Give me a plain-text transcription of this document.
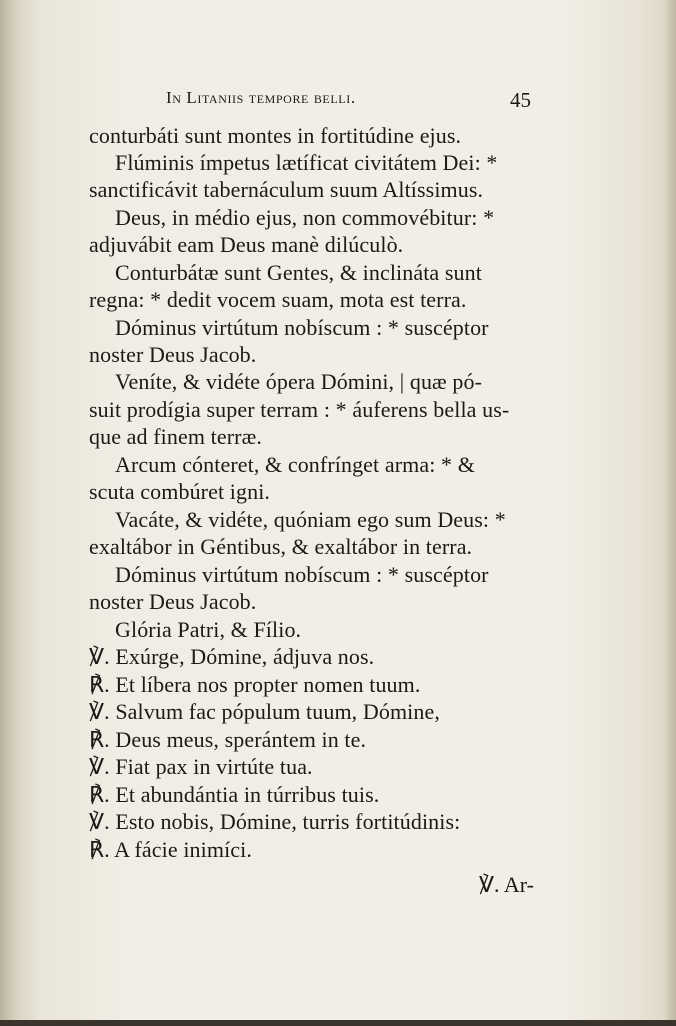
In Litaniis tempore belli.	45
conturbáti sunt montes in fortitúdine ejus.
Flúminis ímpetus lætíficat civitátem Dei: *
sanctificávit tabernáculum suum Altíssimus.
Deus, in médio ejus, non commovébitur: *
adjuvábit eam Deus manè dilúculò.
Conturbátæ sunt Gentes, & inclináta sunt
regna: * dedit vocem suam, mota est terra.
Dóminus virtútum nobíscum : * suscéptor
noster Deus Jacob.
Veníte, & vidéte ópera Dómini, | quæ pó-
suit prodígia super terram : * áuferens bella us-
que ad finem terræ.
Arcum cónteret, & confrínget arma: * &
scuta combúret igni.
Vacáte, & vidéte, quóniam ego sum Deus: *
exaltábor in Géntibus, & exaltábor in terra.
Dóminus virtútum nobíscum : * suscéptor
noster Deus Jacob.
Glória Patri, & Fílio.
℣. Exúrge, Dómine, ádjuva nos.
℟. Et líbera nos propter nomen tuum.
℣. Salvum fac pópulum tuum, Dómine,
℟. Deus meus, sperántem in te.
℣. Fiat pax in virtúte tua.
℟. Et abundántia in túrribus tuis.
℣. Esto nobis, Dómine, turris fortitúdinis:
℟. A fácie inimíci.
℣. Ar-
